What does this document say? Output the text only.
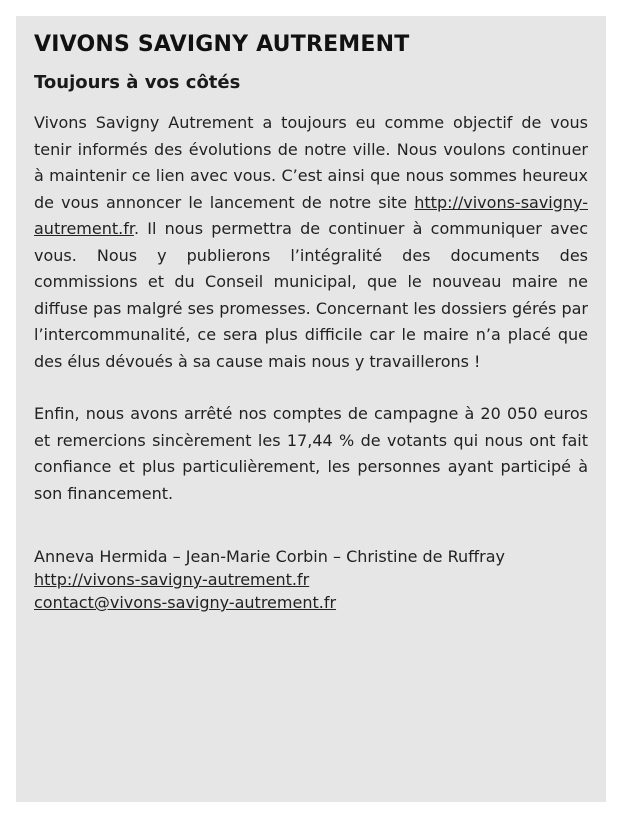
VIVONS SAVIGNY AUTREMENT
Toujours à vos côtés

Vivons Savigny Autrement a toujours eu comme objectif de vous tenir informés des évolutions de notre ville. Nous voulons continuer à maintenir ce lien avec vous. C’est ainsi que nous sommes heureux de vous annoncer le lancement de notre site http://vivons-savigny-autrement.fr. Il nous permettra de continuer à communiquer avec vous. Nous y publierons l’intégralité des documents des commissions et du Conseil municipal, que le nouveau maire ne diffuse pas malgré ses promesses. Concernant les dossiers gérés par l’intercommunalité, ce sera plus difficile car le maire n’a placé que des élus dévoués à sa cause mais nous y travaillerons !

Enfin, nous avons arrêté nos comptes de campagne à 20 050 euros et remercions sincèrement les 17,44 % de votants qui nous ont fait confiance et plus particulièrement, les personnes ayant participé à son financement.

Anneva Hermida – Jean-Marie Corbin – Christine de Ruffray
http://vivons-savigny-autrement.fr
contact@vivons-savigny-autrement.fr
